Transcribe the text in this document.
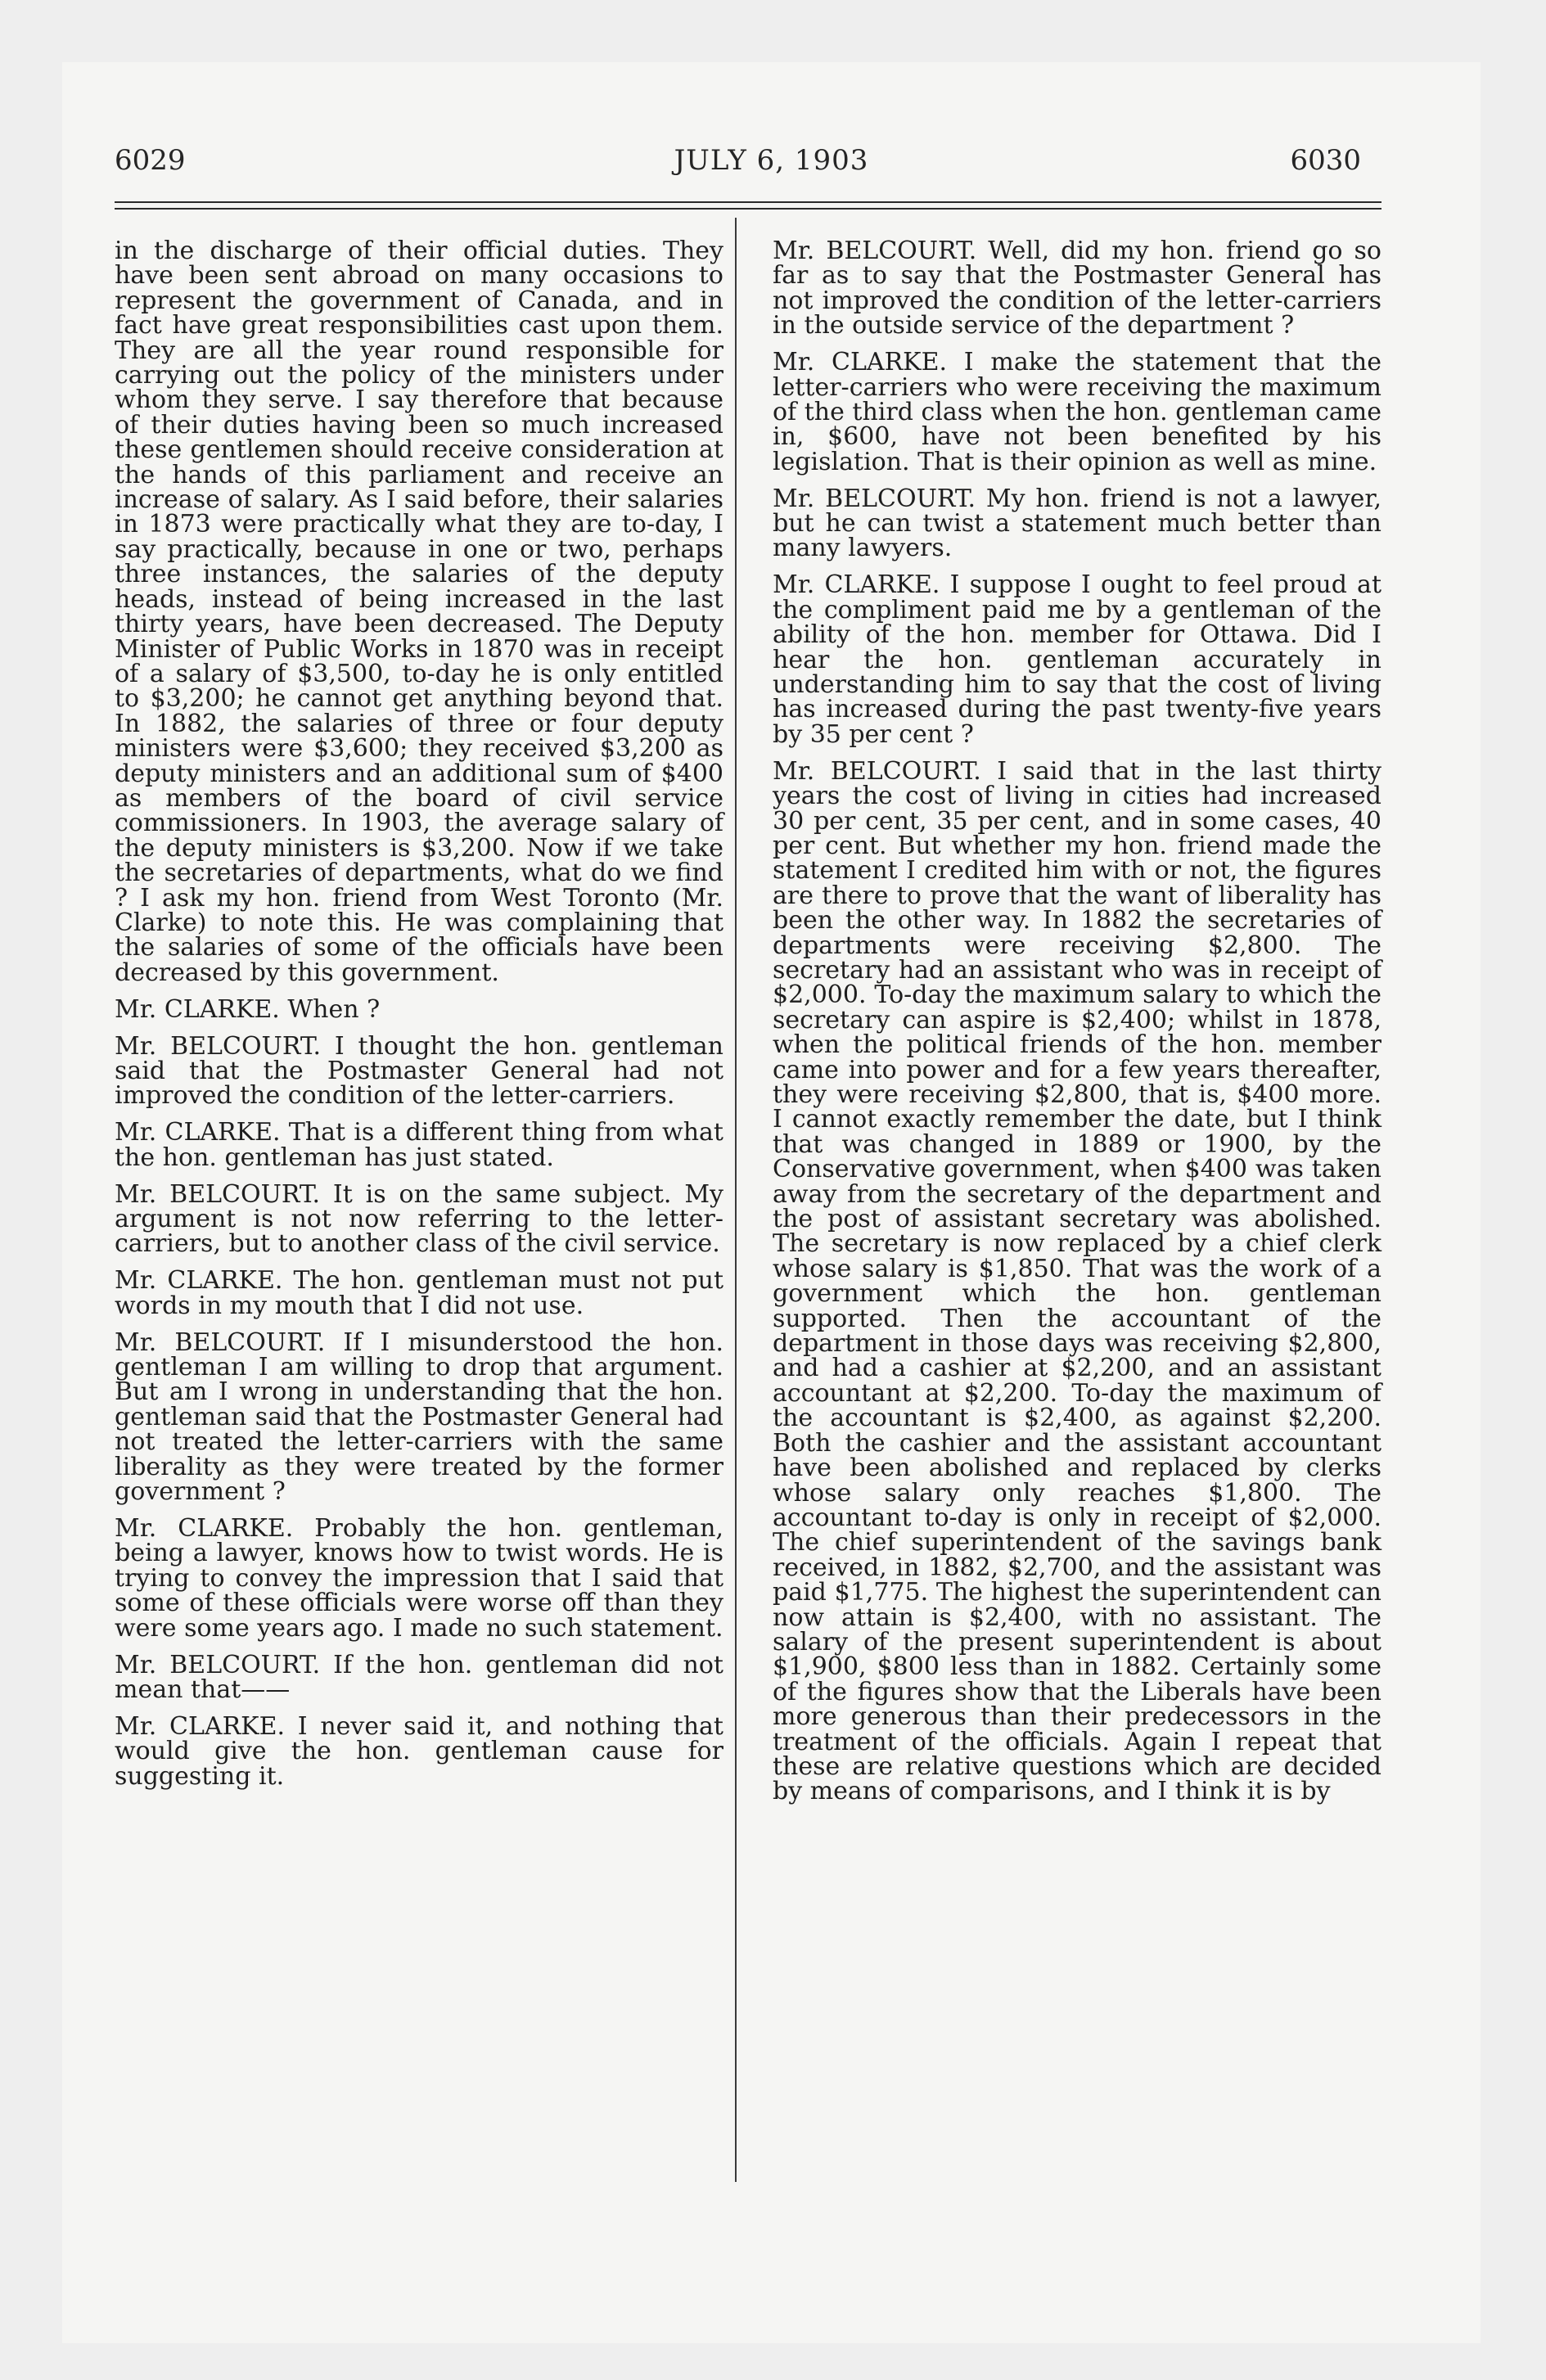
6029	JULY 6, 1903	6030

in the discharge of their official duties. They have been sent abroad on many occasions to represent the government of Canada, and in fact have great responsibilities cast upon them. They are all the year round responsible for carrying out the policy of the ministers under whom they serve. I say therefore that because of their duties having been so much increased these gentlemen should receive consideration at the hands of this parliament and receive an increase of salary. As I said before, their salaries in 1873 were practically what they are to-day, I say practically, because in one or two, perhaps three instances, the salaries of the deputy heads, instead of being increased in the last thirty years, have been decreased. The Deputy Minister of Public Works in 1870 was in receipt of a salary of $3,500, to-day he is only entitled to $3,200; he cannot get anything beyond that. In 1882, the salaries of three or four deputy ministers were $3,600; they received $3,200 as deputy ministers and an additional sum of $400 as members of the board of civil service commissioners. In 1903, the average salary of the deputy ministers is $3,200. Now if we take the secretaries of departments, what do we find ? I ask my hon. friend from West Toronto (Mr. Clarke) to note this. He was complaining that the salaries of some of the officials have been decreased by this government.

Mr. CLARKE. When ?

Mr. BELCOURT. I thought the hon. gentleman said that the Postmaster General had not improved the condition of the letter-carriers.

Mr. CLARKE. That is a different thing from what the hon. gentleman has just stated.

Mr. BELCOURT. It is on the same subject. My argument is not now referring to the letter-carriers, but to another class of the civil service.

Mr. CLARKE. The hon. gentleman must not put words in my mouth that I did not use.

Mr. BELCOURT. If I misunderstood the hon. gentleman I am willing to drop that argument. But am I wrong in understanding that the hon. gentleman said that the Postmaster General had not treated the letter-carriers with the same liberality as they were treated by the former government ?

Mr. CLARKE. Probably the hon. gentleman, being a lawyer, knows how to twist words. He is trying to convey the impression that I said that some of these officials were worse off than they were some years ago. I made no such statement.

Mr. BELCOURT. If the hon. gentleman did not mean that——

Mr. CLARKE. I never said it, and nothing that would give the hon. gentleman cause for suggesting it.

Mr. BELCOURT. Well, did my hon. friend go so far as to say that the Postmaster General has not improved the condition of the letter-carriers in the outside service of the department ?

Mr. CLARKE. I make the statement that the letter-carriers who were receiving the maximum of the third class when the hon. gentleman came in, $600, have not been benefited by his legislation. That is their opinion as well as mine.

Mr. BELCOURT. My hon. friend is not a lawyer, but he can twist a statement much better than many lawyers.

Mr. CLARKE. I suppose I ought to feel proud at the compliment paid me by a gentleman of the ability of the hon. member for Ottawa. Did I hear the hon. gentleman accurately in understanding him to say that the cost of living has increased during the past twenty-five years by 35 per cent ?

Mr. BELCOURT. I said that in the last thirty years the cost of living in cities had increased 30 per cent, 35 per cent, and in some cases, 40 per cent. But whether my hon. friend made the statement I credited him with or not, the figures are there to prove that the want of liberality has been the other way. In 1882 the secretaries of departments were receiving $2,800. The secretary had an assistant who was in receipt of $2,000. To-day the maximum salary to which the secretary can aspire is $2,400; whilst in 1878, when the political friends of the hon. member came into power and for a few years thereafter, they were receiving $2,800, that is, $400 more. I cannot exactly remember the date, but I think that was changed in 1889 or 1900, by the Conservative government, when $400 was taken away from the secretary of the department and the post of assistant secretary was abolished. The secretary is now replaced by a chief clerk whose salary is $1,850. That was the work of a government which the hon. gentleman supported. Then the accountant of the department in those days was receiving $2,800, and had a cashier at $2,200, and an assistant accountant at $2,200. To-day the maximum of the accountant is $2,400, as against $2,200. Both the cashier and the assistant accountant have been abolished and replaced by clerks whose salary only reaches $1,800. The accountant to-day is only in receipt of $2,000. The chief superintendent of the savings bank received, in 1882, $2,700, and the assistant was paid $1,775. The highest the superintendent can now attain is $2,400, with no assistant. The salary of the present superintendent is about $1,900, $800 less than in 1882. Certainly some of the figures show that the Liberals have been more generous than their predecessors in the treatment of the officials. Again I repeat that these are relative questions which are decided by means of comparisons, and I think it is by
